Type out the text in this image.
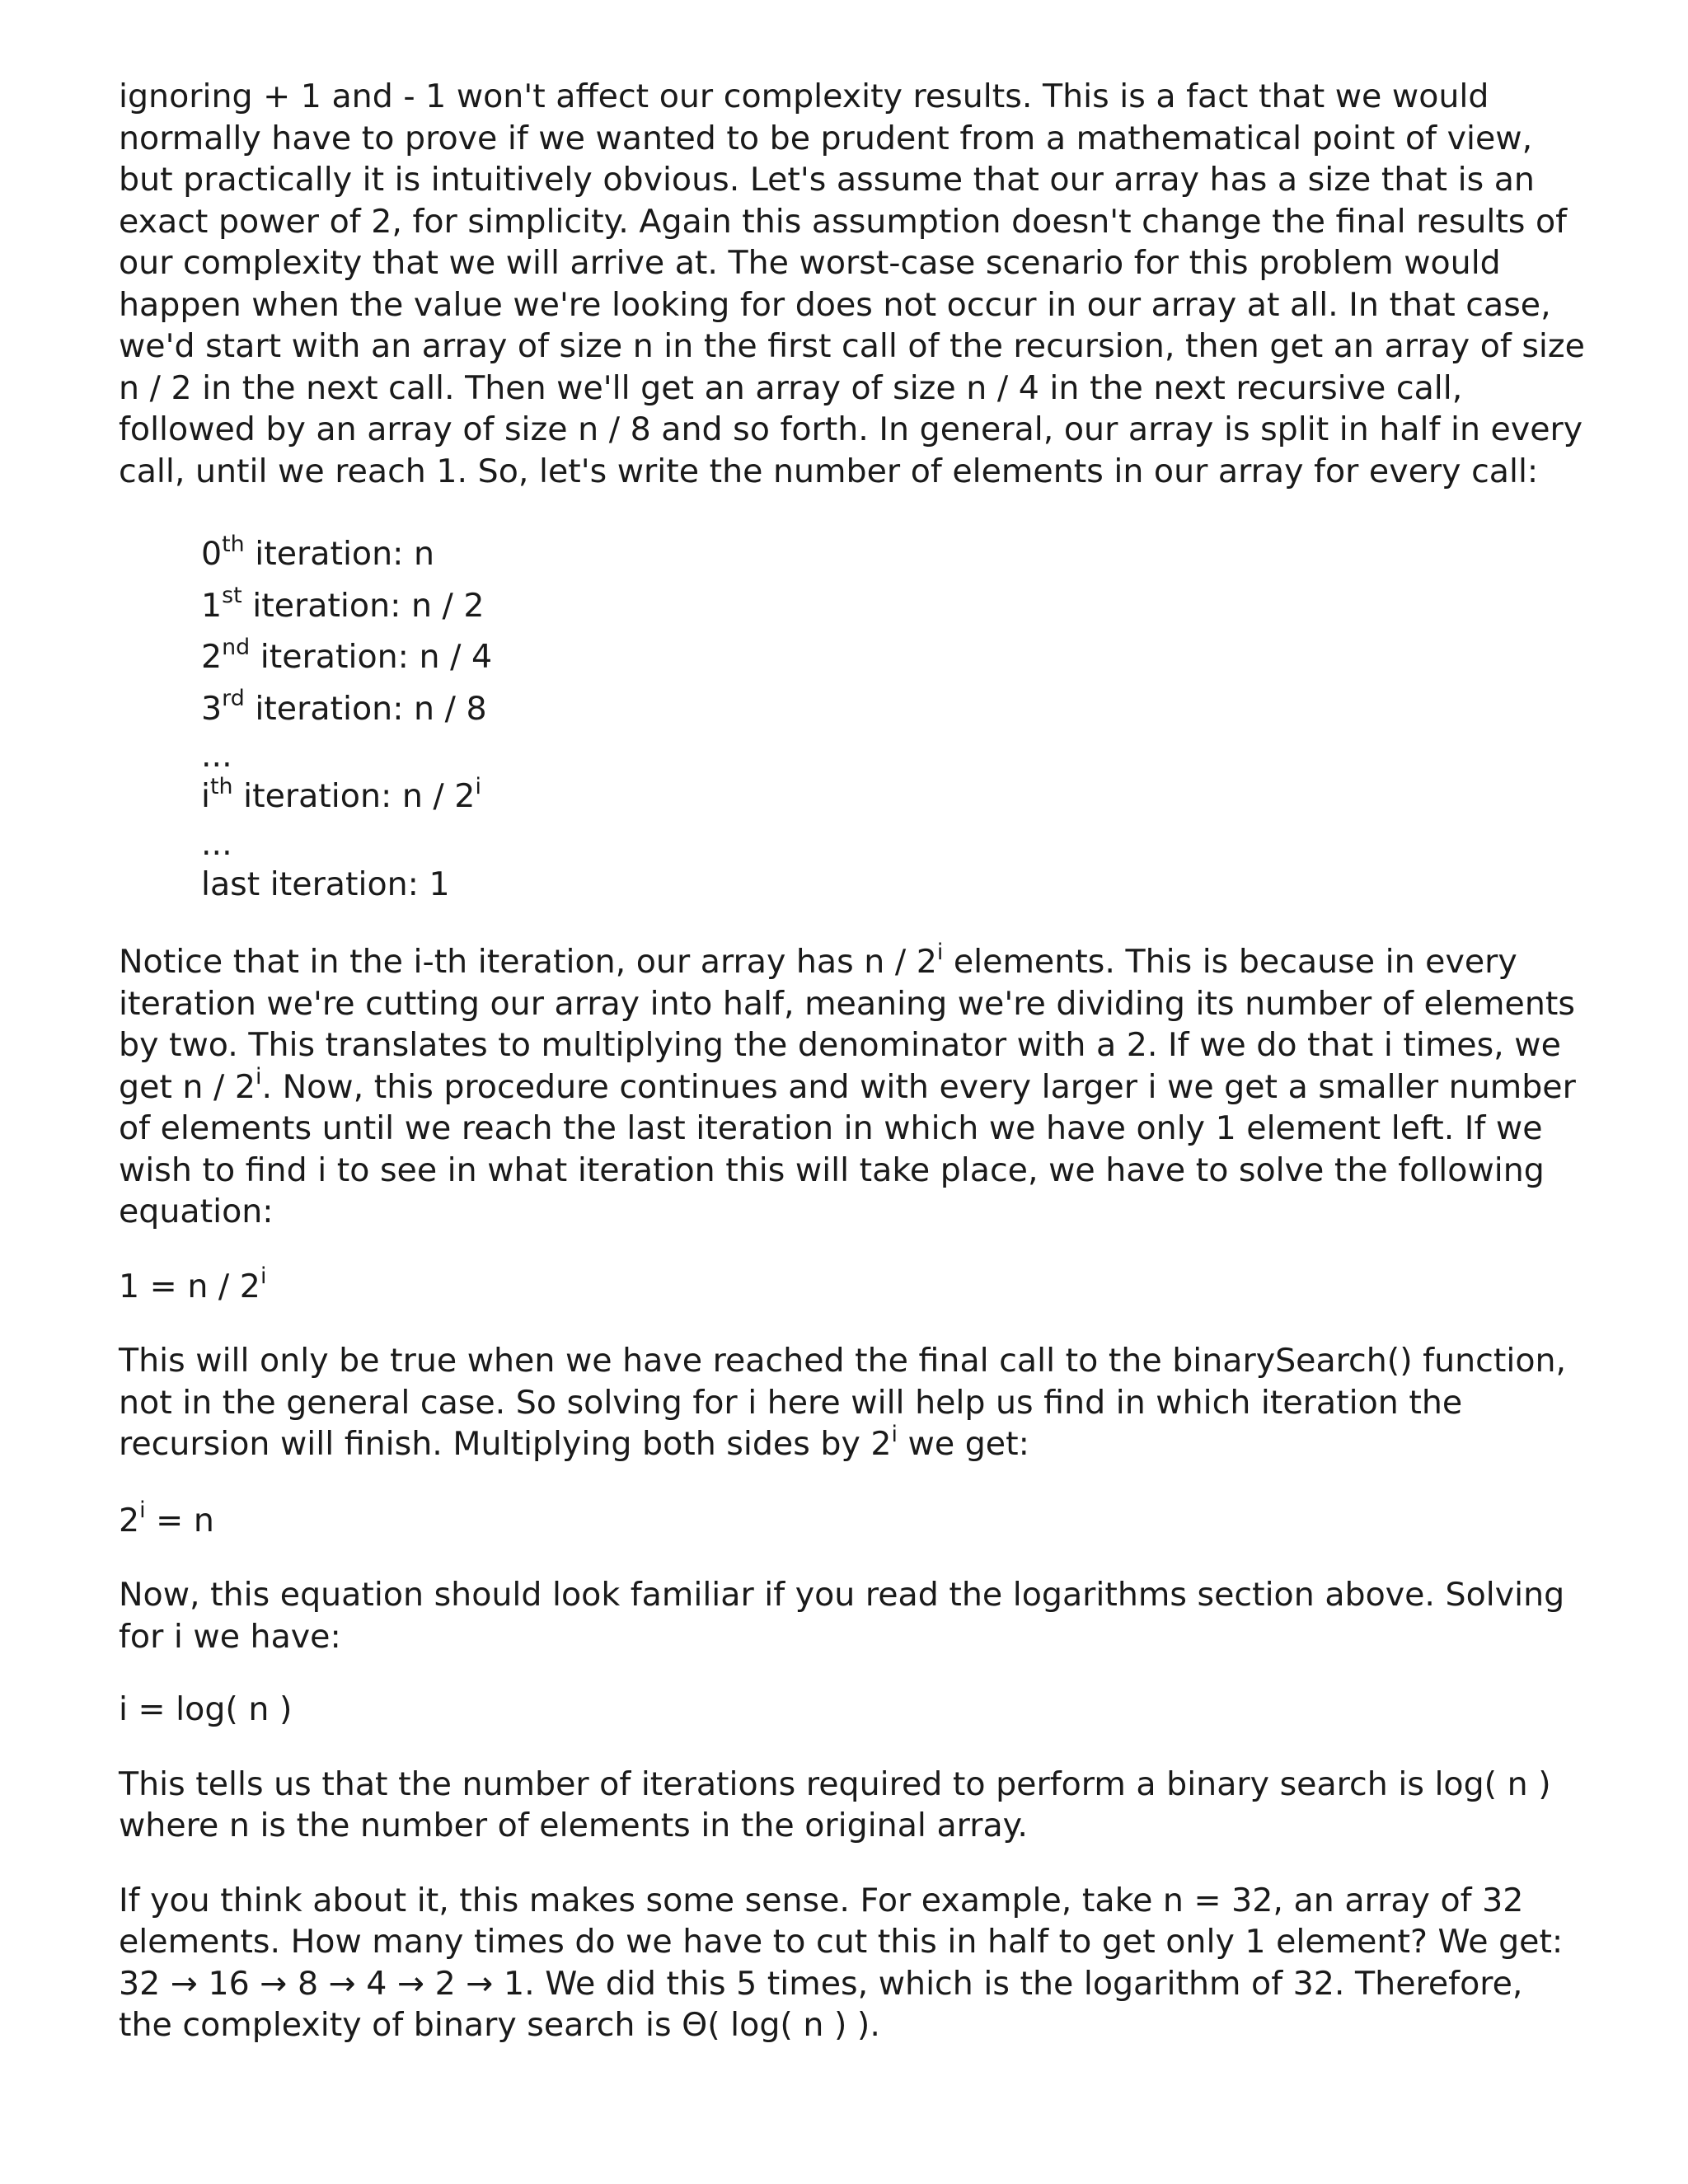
ignoring + 1 and - 1 won't affect our complexity results. This is a fact that we would normally have to prove if we wanted to be prudent from a mathematical point of view, but practically it is intuitively obvious. Let's assume that our array has a size that is an exact power of 2, for simplicity. Again this assumption doesn't change the final results of our complexity that we will arrive at. The worst-case scenario for this problem would happen when the value we're looking for does not occur in our array at all. In that case, we'd start with an array of size n in the first call of the recursion, then get an array of size n / 2 in the next call. Then we'll get an array of size n / 4 in the next recursive call, followed by an array of size n / 8 and so forth. In general, our array is split in half in every call, until we reach 1. So, let's write the number of elements in our array for every call:

0th iteration: n
1st iteration: n / 2
2nd iteration: n / 4
3rd iteration: n / 8
...
$i^{th}$ iteration: n / 2$^i$
...
last iteration: 1

Notice that in the i-th iteration, our array has n / 2$^i$ elements. This is because in every iteration we're cutting our array into half, meaning we're dividing its number of elements by two. This translates to multiplying the denominator with a 2. If we do that i times, we get n / 2$^i$. Now, this procedure continues and with every larger i we get a smaller number of elements until we reach the last iteration in which we have only 1 element left. If we wish to find i to see in what iteration this will take place, we have to solve the following equation:

1 = n / 2$^i$

This will only be true when we have reached the final call to the binarySearch() function, not in the general case. So solving for i here will help us find in which iteration the recursion will finish. Multiplying both sides by 2$^i$ we get:

$2^i = n$

Now, this equation should look familiar if you read the logarithms section above. Solving for i we have:

i = log( n )

This tells us that the number of iterations required to perform a binary search is log( n ) where n is the number of elements in the original array.

If you think about it, this makes some sense. For example, take n = 32, an array of 32 elements. How many times do we have to cut this in half to get only 1 element? We get: 32 → 16 → 8 → 4 → 2 → 1. We did this 5 times, which is the logarithm of 32. Therefore, the complexity of binary search is Θ( log( n ) ).
